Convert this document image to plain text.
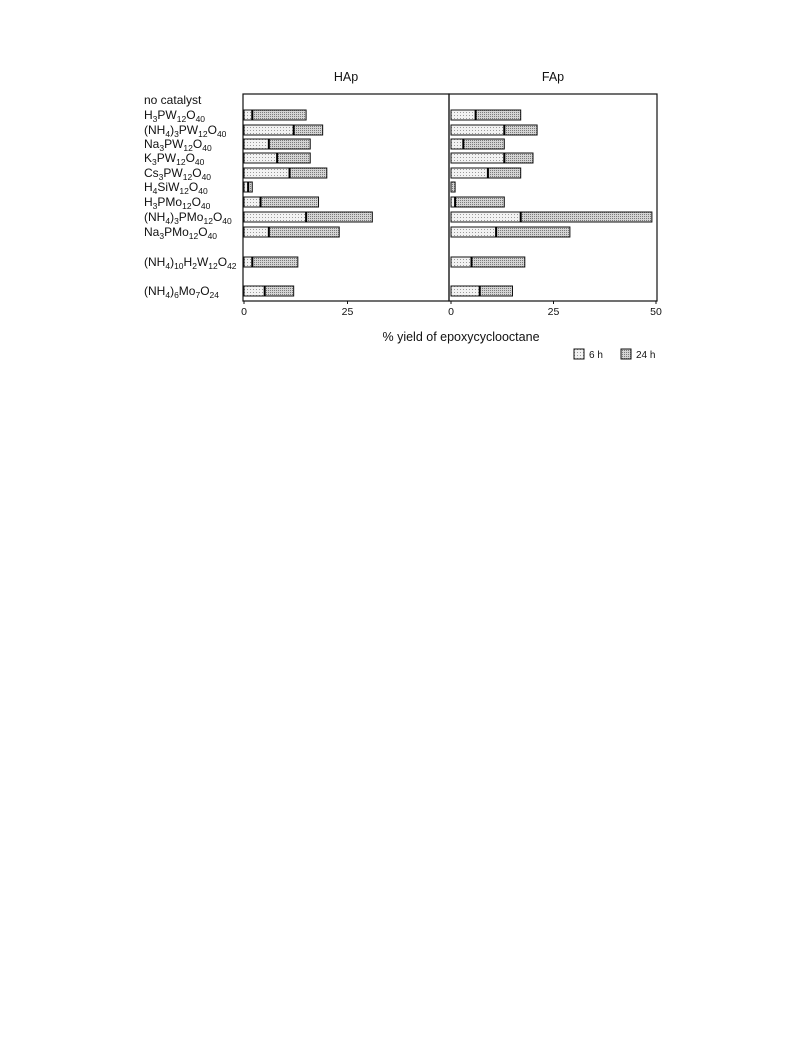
no catalyst
$H_3PW_{12}O_{40}$
$(NH_4)_3PW_{12}O_{40}$
$Na_3PW_{12}O_{40}$
$K_3PW_{12}O_{40}$
$Cs_3PW_{12}O_{40}$
$H_4SiW_{12}O_{40}$
$H_3PMo_{12}O_{40}$
$(NH_4)_3PMo_{12}O_{40}$
$Na_3PMo_{12}O_{40}$
$(NH_4)_{10}H_2W_{12}O_{42}$
$(NH_4)_6Mo_7O_{24}$
HAp
0	25
FAp
0	25	50
% yield of epoxycyclooctane
6 h	24 h
